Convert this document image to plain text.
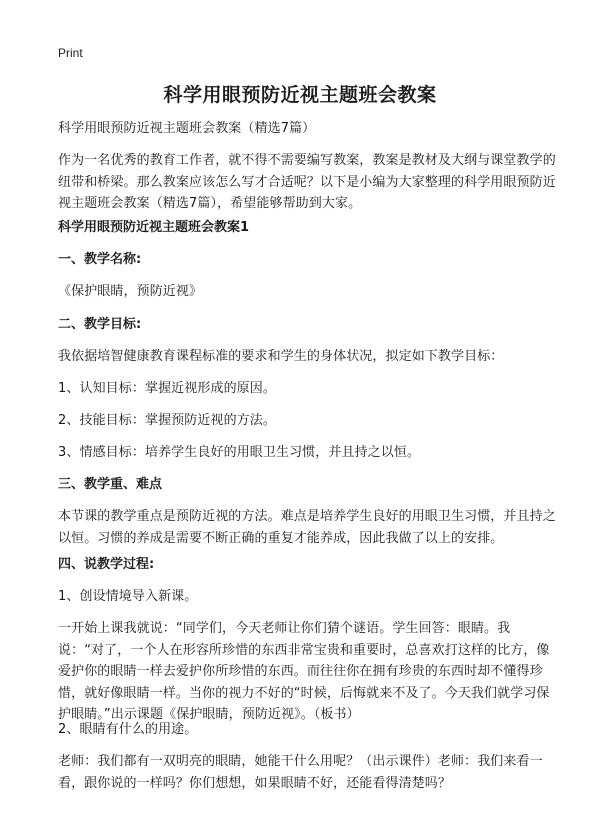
Print
科学用眼预防近视主题班会教案
科学用眼预防近视主题班会教案（精选7篇）
作为一名优秀的教育工作者，就不得不需要编写教案，教案是教材及大纲与课堂教学的纽带和桥梁。那么教案应该怎么写才合适呢？以下是小编为大家整理的科学用眼预防近视主题班会教案（精选7篇），希望能够帮助到大家。
科学用眼预防近视主题班会教案1
一、教学名称:
《保护眼睛，预防近视》
二、教学目标:
我依据培智健康教育课程标准的要求和学生的身体状况，拟定如下教学目标：
1、认知目标：掌握近视形成的原因。
2、技能目标：掌握预防近视的方法。
3、情感目标：培养学生良好的用眼卫生习惯，并且持之以恒。
三、教学重、难点
本节课的教学重点是预防近视的方法。难点是培养学生良好的用眼卫生习惯，并且持之以恒。习惯的养成是需要不断正确的重复才能养成，因此我做了以上的安排。
四、说教学过程:
1、创设情境导入新课。
一开始上课我就说：“同学们，今天老师让你们猜个谜语。学生回答：眼睛。我说：“对了，一个人在形容所珍惜的东西非常宝贵和重要时，总喜欢打这样的比方，像爱护你的眼睛一样去爱护你所珍惜的东西。而往往你在拥有珍贵的东西时却不懂得珍惜，就好像眼睛一样。当你的视力不好的“时候，后悔就来不及了。今天我们就学习保护眼睛。”出示课题《保护眼睛，预防近视》。（板书）
2、眼睛有什么的用途。
老师：我们都有一双明亮的眼睛，她能干什么用呢？（出示课件）老师：我们来看一看，跟你说的一样吗？你们想想，如果眼睛不好，还能看得清楚吗？
